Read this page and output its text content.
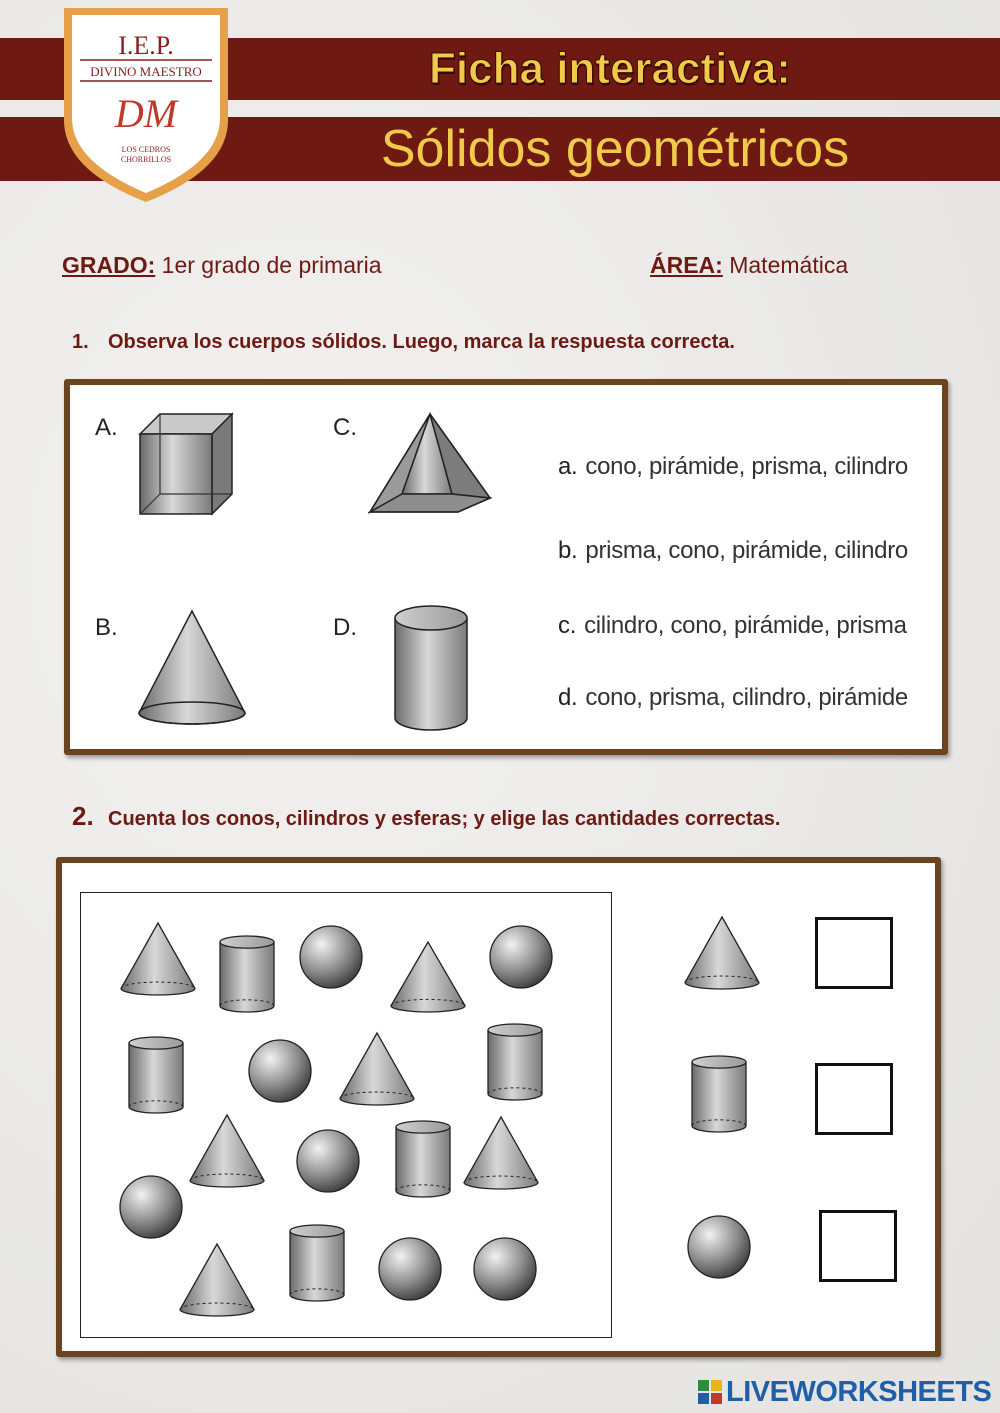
I.E.P.
DIVINO MAESTRO
DM
LOS CEDROS
CHORRILLOS
Ficha interactiva:
Sólidos geométricos
GRADO: 1er grado de primaria	ÁREA: Matemática
1. Observa los cuerpos sólidos. Luego, marca la respuesta correcta.
A.
B.
C.
D.
a. cono, pirámide, prisma, cilindro
b. prisma, cono, pirámide, cilindro
c. cilindro, cono, pirámide, prisma
d. cono, prisma, cilindro, pirámide
2. Cuenta los conos, cilindros y esferas; y elige las cantidades correctas.
LIVEWORKSHEETS
